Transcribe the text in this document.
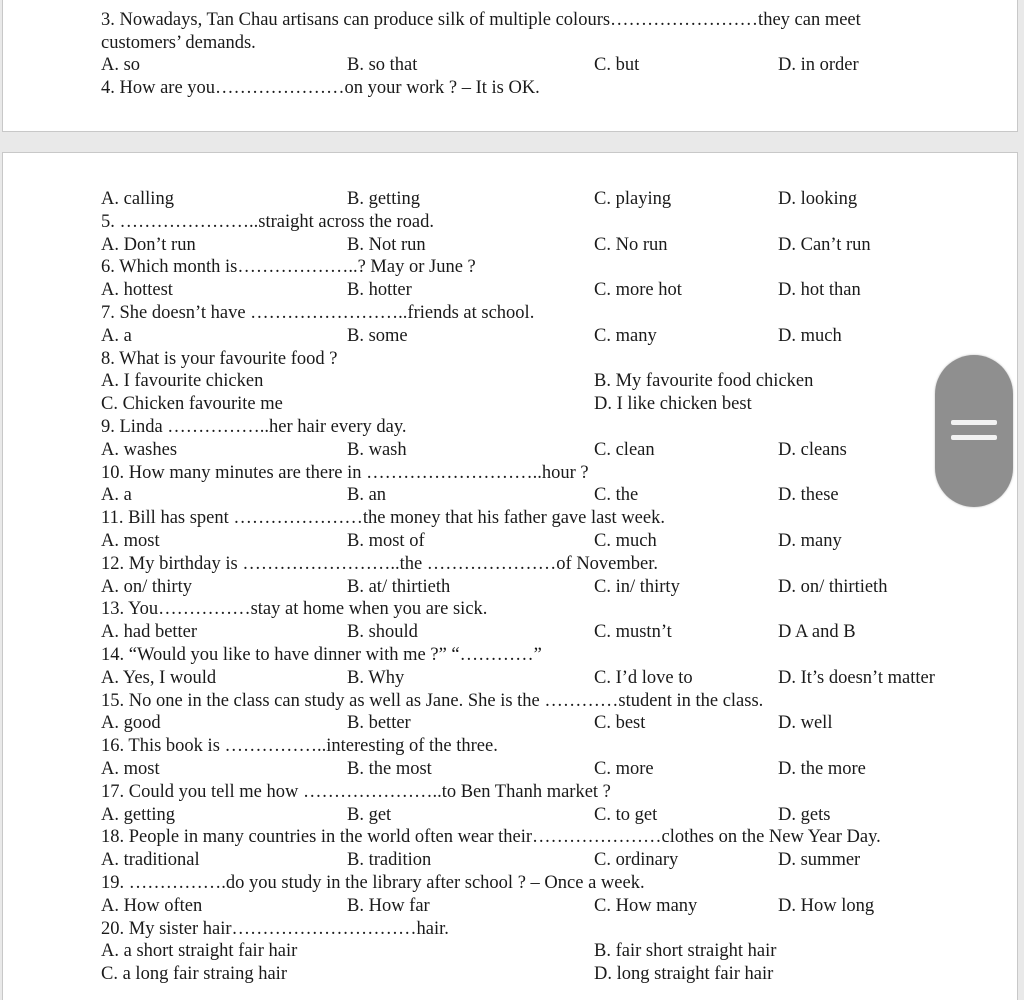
3. Nowadays, Tan Chau artisans can produce silk of multiple colours……………………they can meet
customers’ demands.
A. so	B. so that	C. but	D. in order
4. How are you…………………on your work ? – It is OK.
A. calling	B. getting	C. playing	D. looking
5. …………………..straight across the road.
A. Don’t run	B. Not run	C. No run	D. Can’t run
6. Which month is………………..? May or June ?
A. hottest	B. hotter	C. more hot	D. hot than
7. She doesn’t have ……………………..friends at school.
A. a	B. some	C. many	D. much
8. What is your favourite food ?
A. I favourite chicken	B. My favourite food chicken
C. Chicken favourite me	D. I like chicken best
9. Linda ……………..her hair every day.
A. washes	B. wash	C. clean	D. cleans
10. How many minutes are there in ………………………..hour ?
A. a	B. an	C. the	D. these
11. Bill has spent …………………the money that his father gave last week.
A. most	B. most of	C. much	D. many
12. My birthday is ……………………..the …………………of November.
A. on/ thirty	B. at/ thirtieth	C. in/ thirty	D. on/ thirtieth
13. You……………stay at home when you are sick.
A. had better	B. should	C. mustn’t	D A and B
14. “Would you like to have dinner with me ?” “…………”
A. Yes, I would	B. Why	C. I’d love to	D. It’s doesn’t matter
15. No one in the class can study as well as Jane. She is the …………student in the class.
A. good	B. better	C. best	D. well
16. This book is ……………..interesting of the three.
A. most	B. the most	C. more	D. the more
17. Could you tell me how …………………..to Ben Thanh market ?
A. getting	B. get	C. to get	D. gets
18. People in many countries in the world often wear their…………………clothes on the New Year Day.
A. traditional	B. tradition	C. ordinary	D. summer
19. …………….do you study in the library after school ? – Once a week.
A. How often	B. How far	C. How many	D. How long
20. My sister hair…………………………hair.
A. a short straight fair hair	B. fair short straight hair
C. a long fair straing hair	D. long straight fair hair
